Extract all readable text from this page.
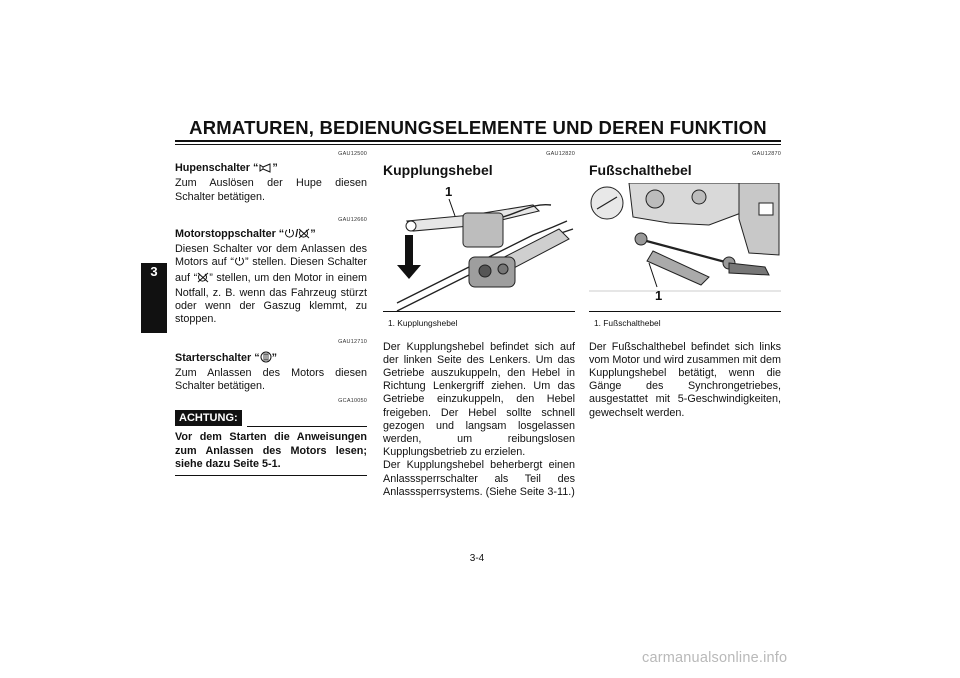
ARMATUREN, BEDIENUNGSELEMENTE UND DEREN FUNKTION
3
GAU12500
Hupenschalter “ ”

Zum Auslösen der Hupe diesen Schalter betätigen.

GAU12660
Motorstoppschalter “ / ”

Diesen Schalter vor dem Anlassen des Motors auf “ ” stellen. Diesen Schalter auf “ ” stellen, um den Motor in einem Notfall, z. B. wenn das Fahrzeug stürzt oder wenn der Gaszug klemmt, zu stoppen.

GAU12710
Starterschalter “ ”

Zum Anlassen des Motors diesen Schalter betätigen.

GCA10050
ACHTUNG:

Vor dem Starten die Anweisungen zum Anlassen des Motors lesen; siehe dazu Seite 5-1.

GAU12820
Kupplungshebel
1
1. Kupplungshebel

Der Kupplungshebel befindet sich auf der linken Seite des Lenkers. Um das Getriebe auszukuppeln, den Hebel in Richtung Lenkergriff ziehen. Um das Getriebe einzukuppeln, den Hebel freigeben. Der Hebel sollte schnell gezogen und langsam losgelassen werden, um reibungslosen Kupplungsbetrieb zu erzielen.

Der Kupplungshebel beherbergt einen Anlasssperrschalter als Teil des Anlasssperrsystems. (Siehe Seite 3-11.)

GAU12870
Fußschalthebel
1
1. Fußschalthebel

Der Fußschalthebel befindet sich links vom Motor und wird zusammen mit dem Kupplungshebel betätigt, wenn die Gänge des Synchrongetriebes, ausgestattet mit 5-Geschwindigkeiten, gewechselt werden.

3-4
carmanualsonline.info
